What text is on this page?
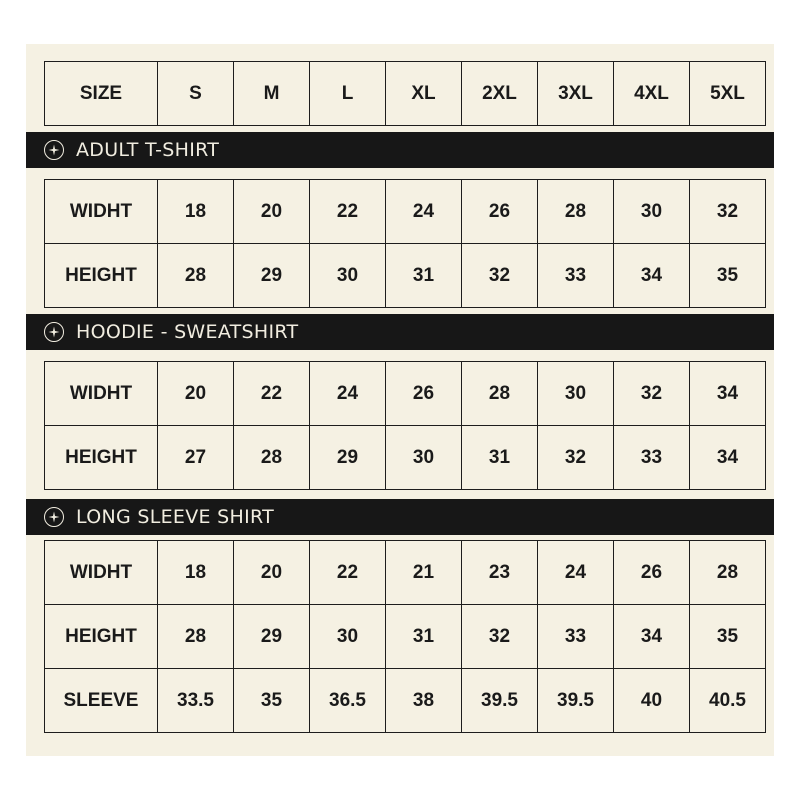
SIZE	S	M	L	XL	2XL	3XL	4XL	5XL
ADULT T-SHIRT
WIDHT	18	20	22	24	26	28	30	32
HEIGHT	28	29	30	31	32	33	34	35
HOODIE - SWEATSHIRT
WIDHT	20	22	24	26	28	30	32	34
HEIGHT	27	28	29	30	31	32	33	34
LONG SLEEVE SHIRT
WIDHT	18	20	22	21	23	24	26	28
HEIGHT	28	29	30	31	32	33	34	35
SLEEVE	33.5	35	36.5	38	39.5	39.5	40	40.5
